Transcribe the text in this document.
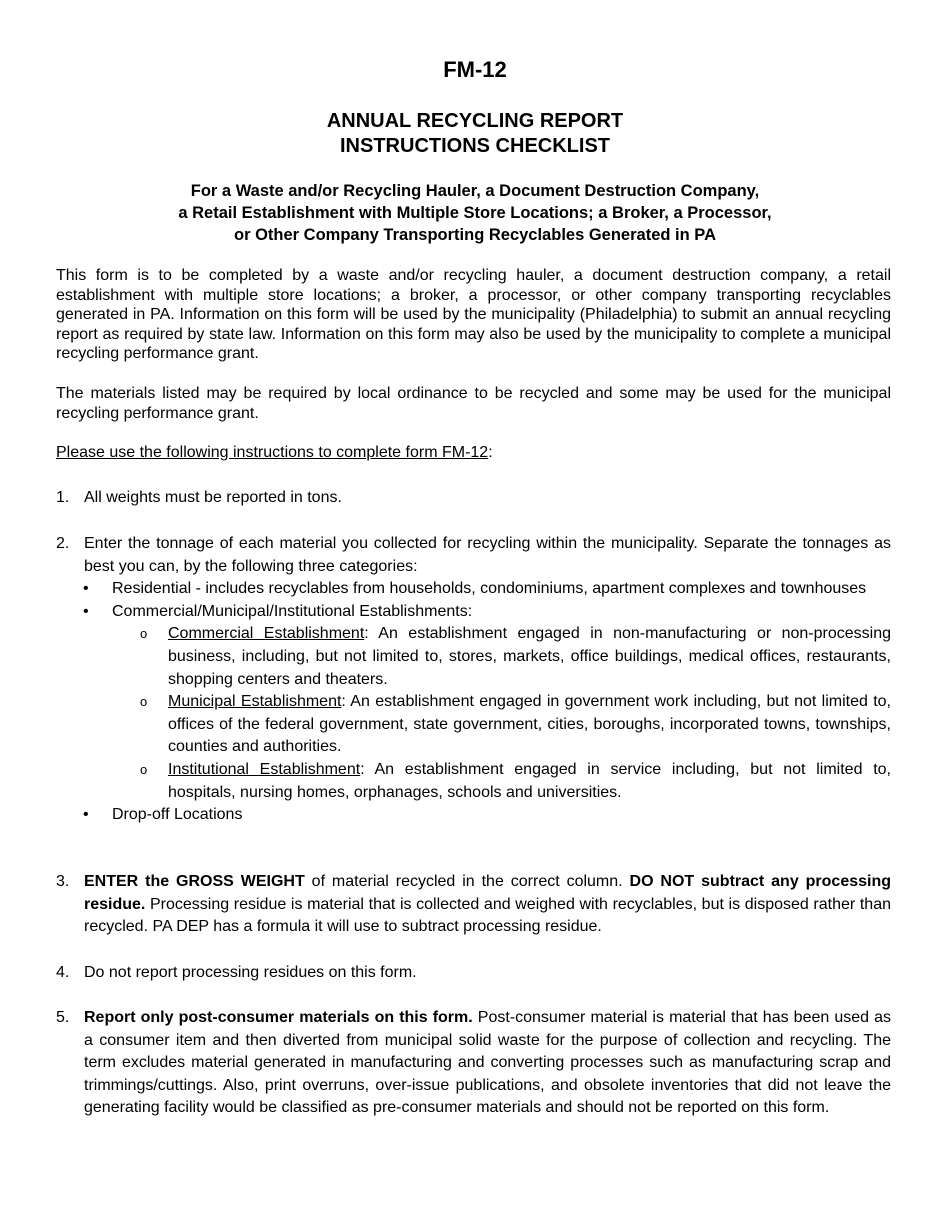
FM-12
ANNUAL RECYCLING REPORT
INSTRUCTIONS CHECKLIST
For a Waste and/or Recycling Hauler, a Document Destruction Company,
a Retail Establishment with Multiple Store Locations; a Broker, a Processor,
or Other Company Transporting Recyclables Generated in PA
This form is to be completed by a waste and/or recycling hauler, a document destruction company, a retail establishment with multiple store locations; a broker, a processor, or other company transporting recyclables generated in PA. Information on this form will be used by the municipality (Philadelphia) to submit an annual recycling report as required by state law. Information on this form may also be used by the municipality to complete a municipal recycling performance grant.
The materials listed may be required by local ordinance to be recycled and some may be used for the municipal recycling performance grant.
Please use the following instructions to complete form FM-12:
1. All weights must be reported in tons.
2. Enter the tonnage of each material you collected for recycling within the municipality. Separate the tonnages as best you can, by the following three categories:
• Residential - includes recyclables from households, condominiums, apartment complexes and townhouses
• Commercial/Municipal/Institutional Establishments:
o Commercial Establishment: An establishment engaged in non-manufacturing or non-processing business, including, but not limited to, stores, markets, office buildings, medical offices, restaurants, shopping centers and theaters.
o Municipal Establishment: An establishment engaged in government work including, but not limited to, offices of the federal government, state government, cities, boroughs, incorporated towns, townships, counties and authorities.
o Institutional Establishment: An establishment engaged in service including, but not limited to, hospitals, nursing homes, orphanages, schools and universities.
• Drop-off Locations
3. ENTER the GROSS WEIGHT of material recycled in the correct column. DO NOT subtract any processing residue. Processing residue is material that is collected and weighed with recyclables, but is disposed rather than recycled. PA DEP has a formula it will use to subtract processing residue.
4. Do not report processing residues on this form.
5. Report only post-consumer materials on this form. Post-consumer material is material that has been used as a consumer item and then diverted from municipal solid waste for the purpose of collection and recycling. The term excludes material generated in manufacturing and converting processes such as manufacturing scrap and trimmings/cuttings. Also, print overruns, over-issue publications, and obsolete inventories that did not leave the generating facility would be classified as pre-consumer materials and should not be reported on this form.
